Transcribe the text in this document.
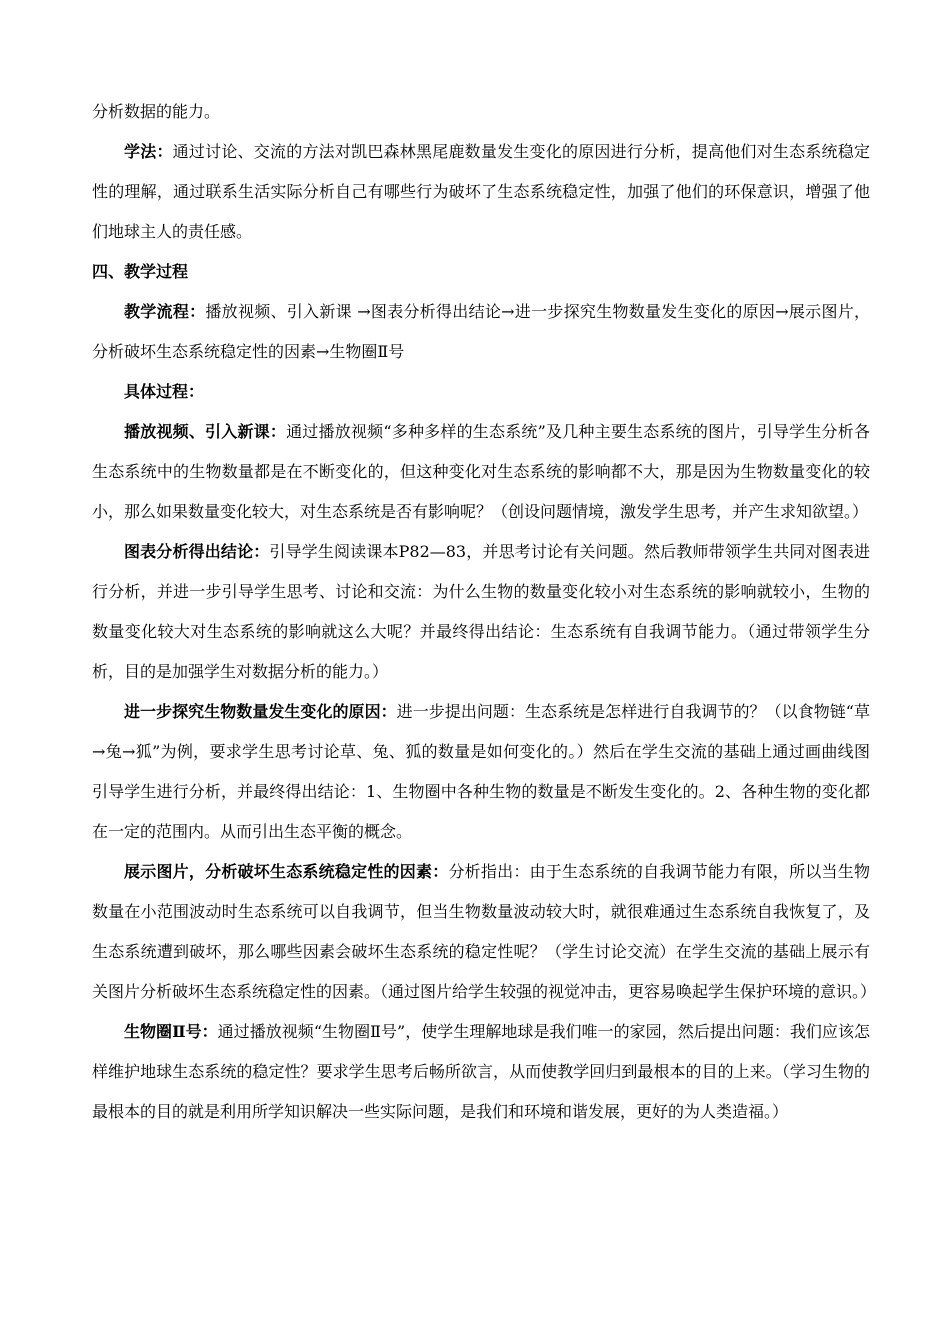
分析数据的能力。

学法：通过讨论、交流的方法对凯巴森林黑尾鹿数量发生变化的原因进行分析，提高他们对生态系统稳定性的理解，通过联系生活实际分析自己有哪些行为破坏了生态系统稳定性，加强了他们的环保意识，增强了他们地球主人的责任感。

四、教学过程

教学流程：播放视频、引入新课 →图表分析得出结论→进一步探究生物数量发生变化的原因→展示图片，分析破坏生态系统稳定性的因素→生物圈Ⅱ号

具体过程：

播放视频、引入新课：通过播放视频“多种多样的生态系统”及几种主要生态系统的图片，引导学生分析各生态系统中的生物数量都是在不断变化的，但这种变化对生态系统的影响都不大，那是因为生物数量变化的较小，那么如果数量变化较大，对生态系统是否有影响呢？（创设问题情境，激发学生思考，并产生求知欲望。）

图表分析得出结论：引导学生阅读课本P82—83，并思考讨论有关问题。然后教师带领学生共同对图表进行分析，并进一步引导学生思考、讨论和交流：为什么生物的数量变化较小对生态系统的影响就较小，生物的数量变化较大对生态系统的影响就这么大呢？并最终得出结论：生态系统有自我调节能力。（通过带领学生分析，目的是加强学生对数据分析的能力。）

进一步探究生物数量发生变化的原因：进一步提出问题：生态系统是怎样进行自我调节的？（以食物链“草→兔→狐”为例，要求学生思考讨论草、兔、狐的数量是如何变化的。）然后在学生交流的基础上通过画曲线图引导学生进行分析，并最终得出结论：1、生物圈中各种生物的数量是不断发生变化的。2、各种生物的变化都在一定的范围内。从而引出生态平衡的概念。

展示图片，分析破坏生态系统稳定性的因素：分析指出：由于生态系统的自我调节能力有限，所以当生物数量在小范围波动时生态系统可以自我调节，但当生物数量波动较大时，就很难通过生态系统自我恢复了，及生态系统遭到破坏，那么哪些因素会破坏生态系统的稳定性呢？（学生讨论交流）在学生交流的基础上展示有关图片分析破坏生态系统稳定性的因素。（通过图片给学生较强的视觉冲击，更容易唤起学生保护环境的意识。）

生物圈Ⅱ号：通过播放视频“生物圈Ⅱ号”，使学生理解地球是我们唯一的家园，然后提出问题：我们应该怎样维护地球生态系统的稳定性？要求学生思考后畅所欲言，从而使教学回归到最根本的目的上来。（学习生物的最根本的目的就是利用所学知识解决一些实际问题，是我们和环境和谐发展，更好的为人类造福。）
